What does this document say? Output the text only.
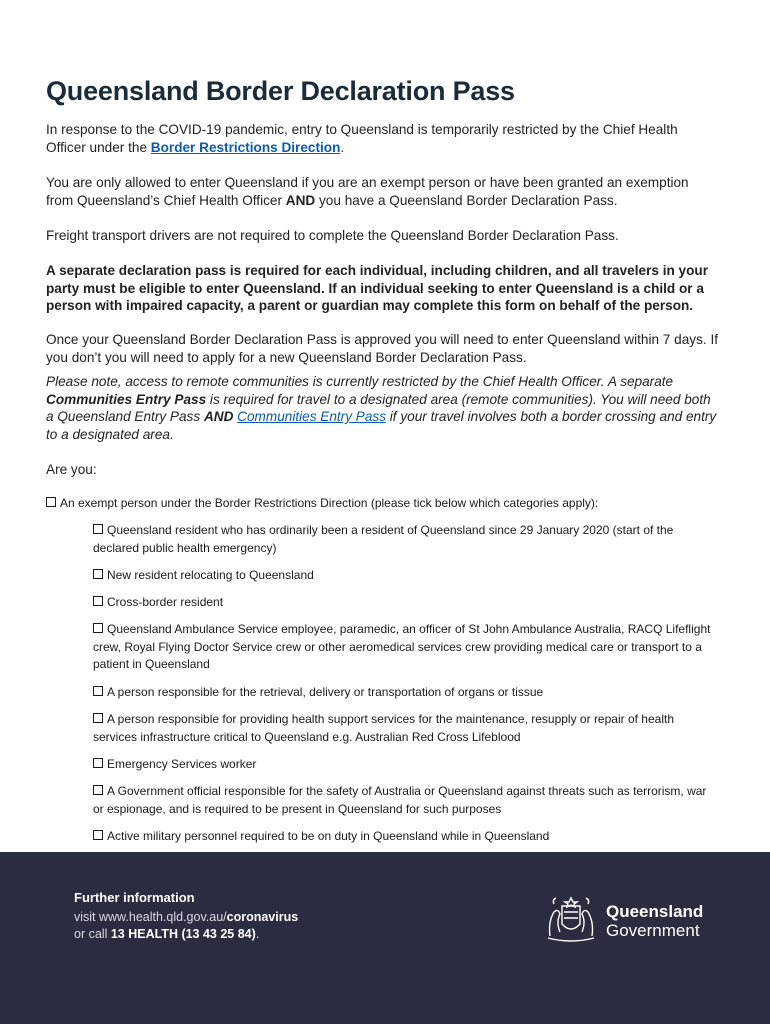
Queensland Border Declaration Pass

In response to the COVID-19 pandemic, entry to Queensland is temporarily restricted by the Chief Health Officer under the Border Restrictions Direction.

You are only allowed to enter Queensland if you are an exempt person or have been granted an exemption from Queensland’s Chief Health Officer AND you have a Queensland Border Declaration Pass.

Freight transport drivers are not required to complete the Queensland Border Declaration Pass.

A separate declaration pass is required for each individual, including children, and all travelers in your party must be eligible to enter Queensland. If an individual seeking to enter Queensland is a child or a person with impaired capacity, a parent or guardian may complete this form on behalf of the person.

Once your Queensland Border Declaration Pass is approved you will need to enter Queensland within 7 days. If you don’t you will need to apply for a new Queensland Border Declaration Pass.

Please note, access to remote communities is currently restricted by the Chief Health Officer. A separate Communities Entry Pass is required for travel to a designated area (remote communities). You will need both a Queensland Entry Pass AND Communities Entry Pass if your travel involves both a border crossing and entry to a designated area.

Are you:

An exempt person under the Border Restrictions Direction (please tick below which categories apply):
Queensland resident who has ordinarily been a resident of Queensland since 29 January 2020 (start of the declared public health emergency)
New resident relocating to Queensland
Cross-border resident
Queensland Ambulance Service employee, paramedic, an officer of St John Ambulance Australia, RACQ Lifeflight crew, Royal Flying Doctor Service crew or other aeromedical services crew providing medical care or transport to a patient in Queensland
A person responsible for the retrieval, delivery or transportation of organs or tissue
A person responsible for providing health support services for the maintenance, resupply or repair of health services infrastructure critical to Queensland e.g. Australian Red Cross Lifeblood
Emergency Services worker
A Government official responsible for the safety of Australia or Queensland against threats such as terrorism, war or espionage, and is required to be present in Queensland for such purposes
Active military personnel required to be on duty in Queensland while in Queensland
Further information
visit www.health.qld.gov.au/coronavirus
or call 13 HEALTH (13 43 25 84).
Queensland
Government
